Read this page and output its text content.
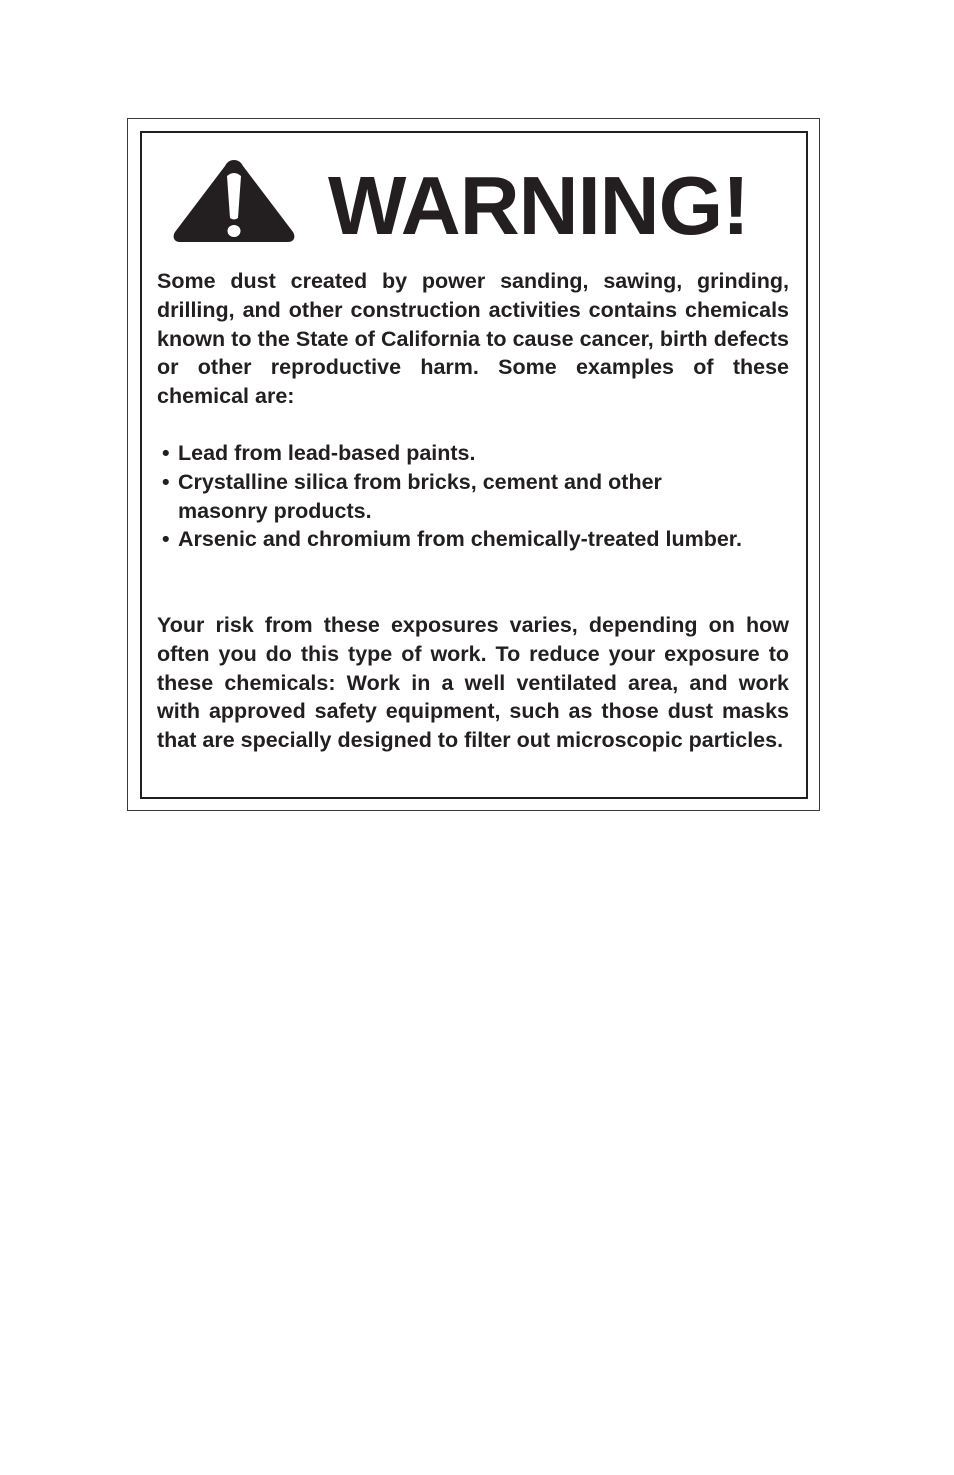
WARNING!
Some dust created by power sanding, sawing, grinding, drilling, and other construction activities contains chemicals known to the State of California to cause cancer, birth defects or other reproductive harm. Some examples of these chemical are:
• Lead from lead-based paints.
• Crystalline silica from bricks, cement and other masonry products.
• Arsenic and chromium from chemically-treated lumber.
Your risk from these exposures varies, depending on how often you do this type of work. To reduce your exposure to these chemicals: Work in a well ventilated area, and work with approved safety equipment, such as those dust masks that are specially designed to filter out microscopic particles.
